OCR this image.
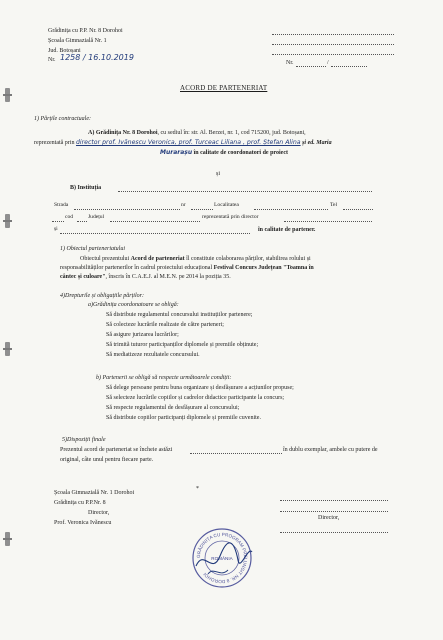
Grădinița cu P.P. Nr. 8 Dorohoi
Școala Gimnazială Nr. 1
Jud. Botoșani
Nr. 1258 / 16.10.2019
Nr.	/
ACORD DE PARTENERIAT
1) Părțile contractuale:
A) Grădinița Nr. 8 Dorohoi, cu sediul în: str. Al. Berzei, nr. 1, cod 715200, jud. Botoșani,
reprezentată prin director prof. Ivănescu Veronica, prof. Turceac Liliana , prof. Ștefan Alina și ed. Maria
Murarașu în calitate de coordonatori de proiect
și
B) Instituția
Strada	nr	Localitatea	Tel
cod	Județul	reprezentată prin director
și	în calitate de partener.
1) Obiectul parteneriatului
Obiectul prezentului Acord de parteneriat îl constituie colaborarea părților, stabilirea rolului și
responsabilităților partenerilor în cadrul proiectului educațional Festival Concurs Județean "Toamna în
cântec și culoare", înscris în C.A.E.J. al M.E.N. pe 2014 la poziția 35.
4)Drepturile și obligațiile părților:
a)Grădinița coordonatoare se obligă:
Să distribuie regulamentul concursului instituțiilor partenere;
Să colecteze lucrările realizate de către parteneri;
Să asigure jurizarea lucrărilor;
Să trimită tuturor participanților diplomele și premiile obținute;
Să mediatizeze rezultatele concursului.
b) Partenerii se obligă să respecte următoarele condiții:
Să delege persoane pentru buna organizare și desfășurare a acțiunilor propuse;
Să selecteze lucrările copiilor și cadrelor didactice participante la concurs;
Să respecte regulamentul de desfășurare al concursului;
Să distribuie copiilor participanți diplomele și premiile cuvenite.
5)Dispoziții finale
Prezentul acord de parteneriat se încheie astăzi	în dublu exemplar, ambele cu putere de
original, câte unul pentru fiecare parte.
Școala Gimnazială Nr. 1 Dorohoi
Grădinița cu P.P.Nr. 8
Director,
Prof. Veronica Ivănescu
Director,
*
GRĂDINIȚA CU PROGRAM PRELUNGIT NR. 8 DOROHOI
ROMÂNIA
